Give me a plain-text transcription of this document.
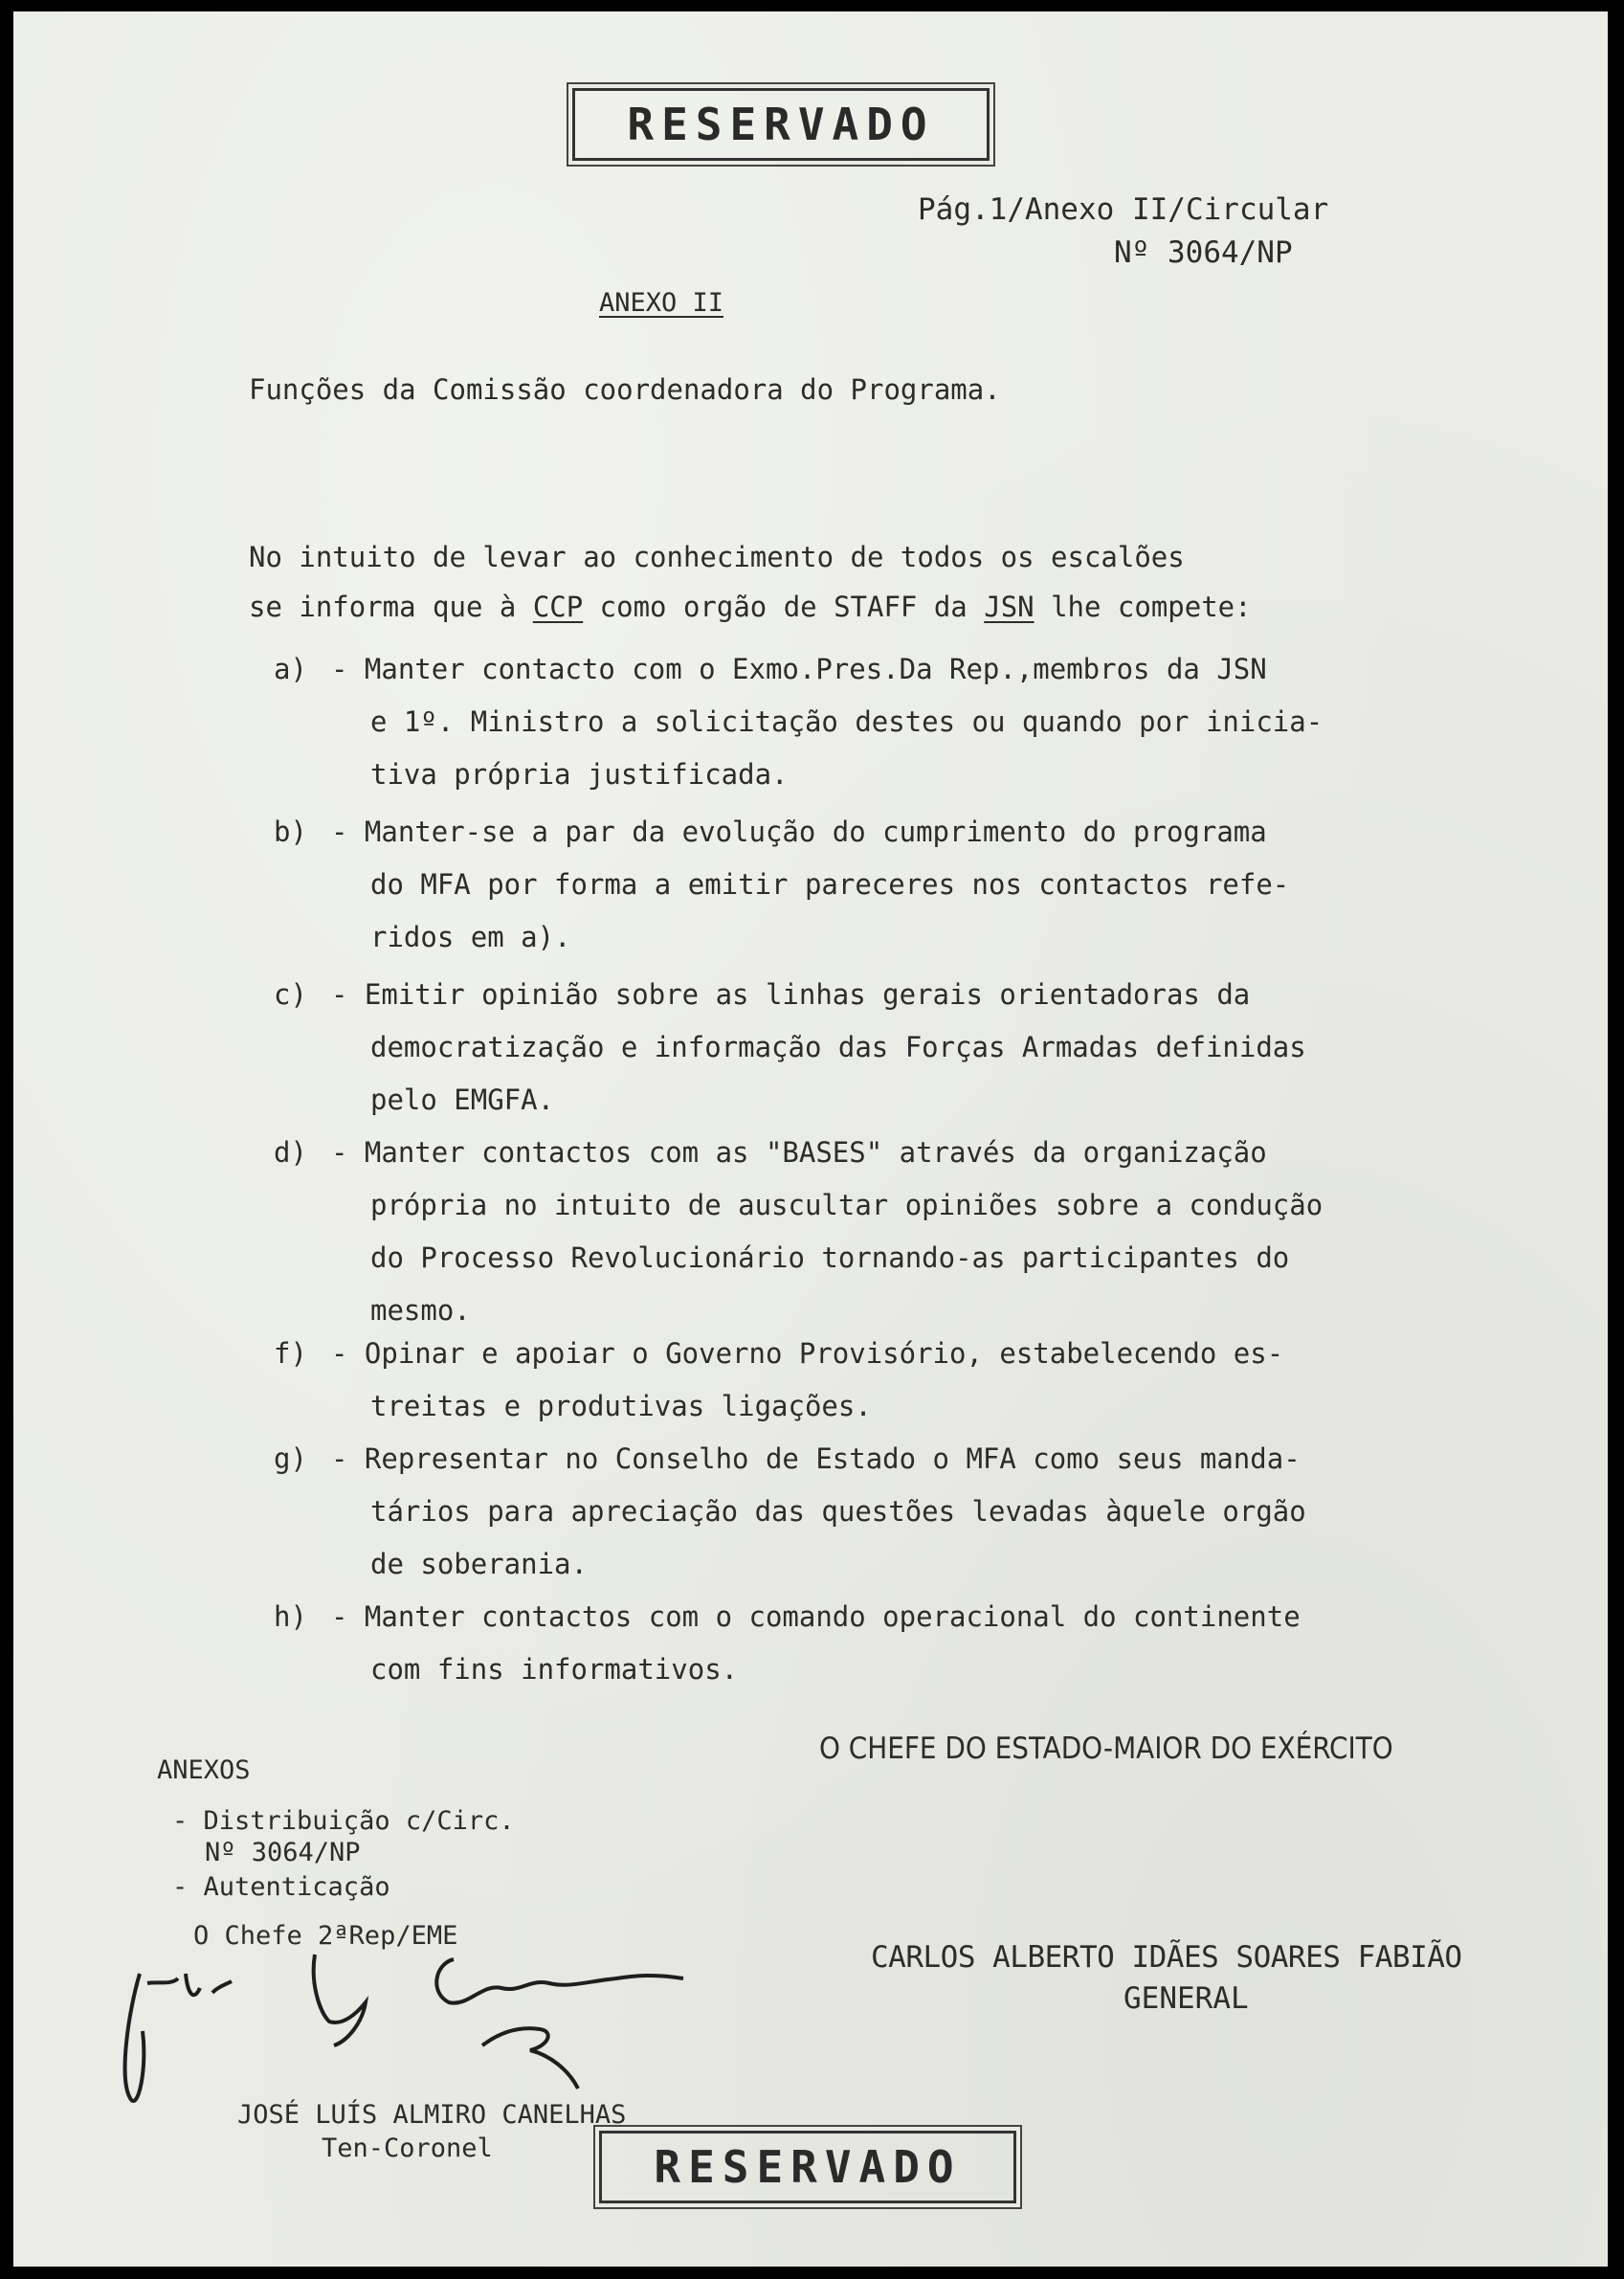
RESERVADO
Pág.1/Anexo II/Circular
Nº 3064/NP
ANEXO II
Funções da Comissão coordenadora do Programa.
No intuito de levar ao conhecimento de todos os escalões
se informa que à CCP como orgão de STAFF da JSN lhe compete:
a) - Manter contacto com o Exmo.Pres.Da Rep.,membros da JSN
e 1º. Ministro a solicitação destes ou quando por inicia-
tiva própria justificada.
b) - Manter-se a par da evolução do cumprimento do programa
do MFA por forma a emitir pareceres nos contactos refe-
ridos em a).
c) - Emitir opinião sobre as linhas gerais orientadoras da
democratização e informação das Forças Armadas definidas
pelo EMGFA.
d) - Manter contactos com as "BASES" através da organização
própria no intuito de auscultar opiniões sobre a condução
do Processo Revolucionário tornando-as participantes do
mesmo.
f) - Opinar e apoiar o Governo Provisório, estabelecendo es-
treitas e produtivas ligações.
g) - Representar no Conselho de Estado o MFA como seus manda-
tários para apreciação das questões levadas àquele orgão
de soberania.
h) - Manter contactos com o comando operacional do continente
com fins informativos.
O CHEFE DO ESTADO-MAIOR DO EXÉRCITO
ANEXOS
- Distribuição c/Circ.
Nº 3064/NP
- Autenticação
O Chefe 2ªRep/EME
CARLOS ALBERTO IDÃES SOARES FABIÃO
GENERAL
JOSÉ LUÍS ALMIRO CANELHAS
Ten-Coronel	RESERVADO
